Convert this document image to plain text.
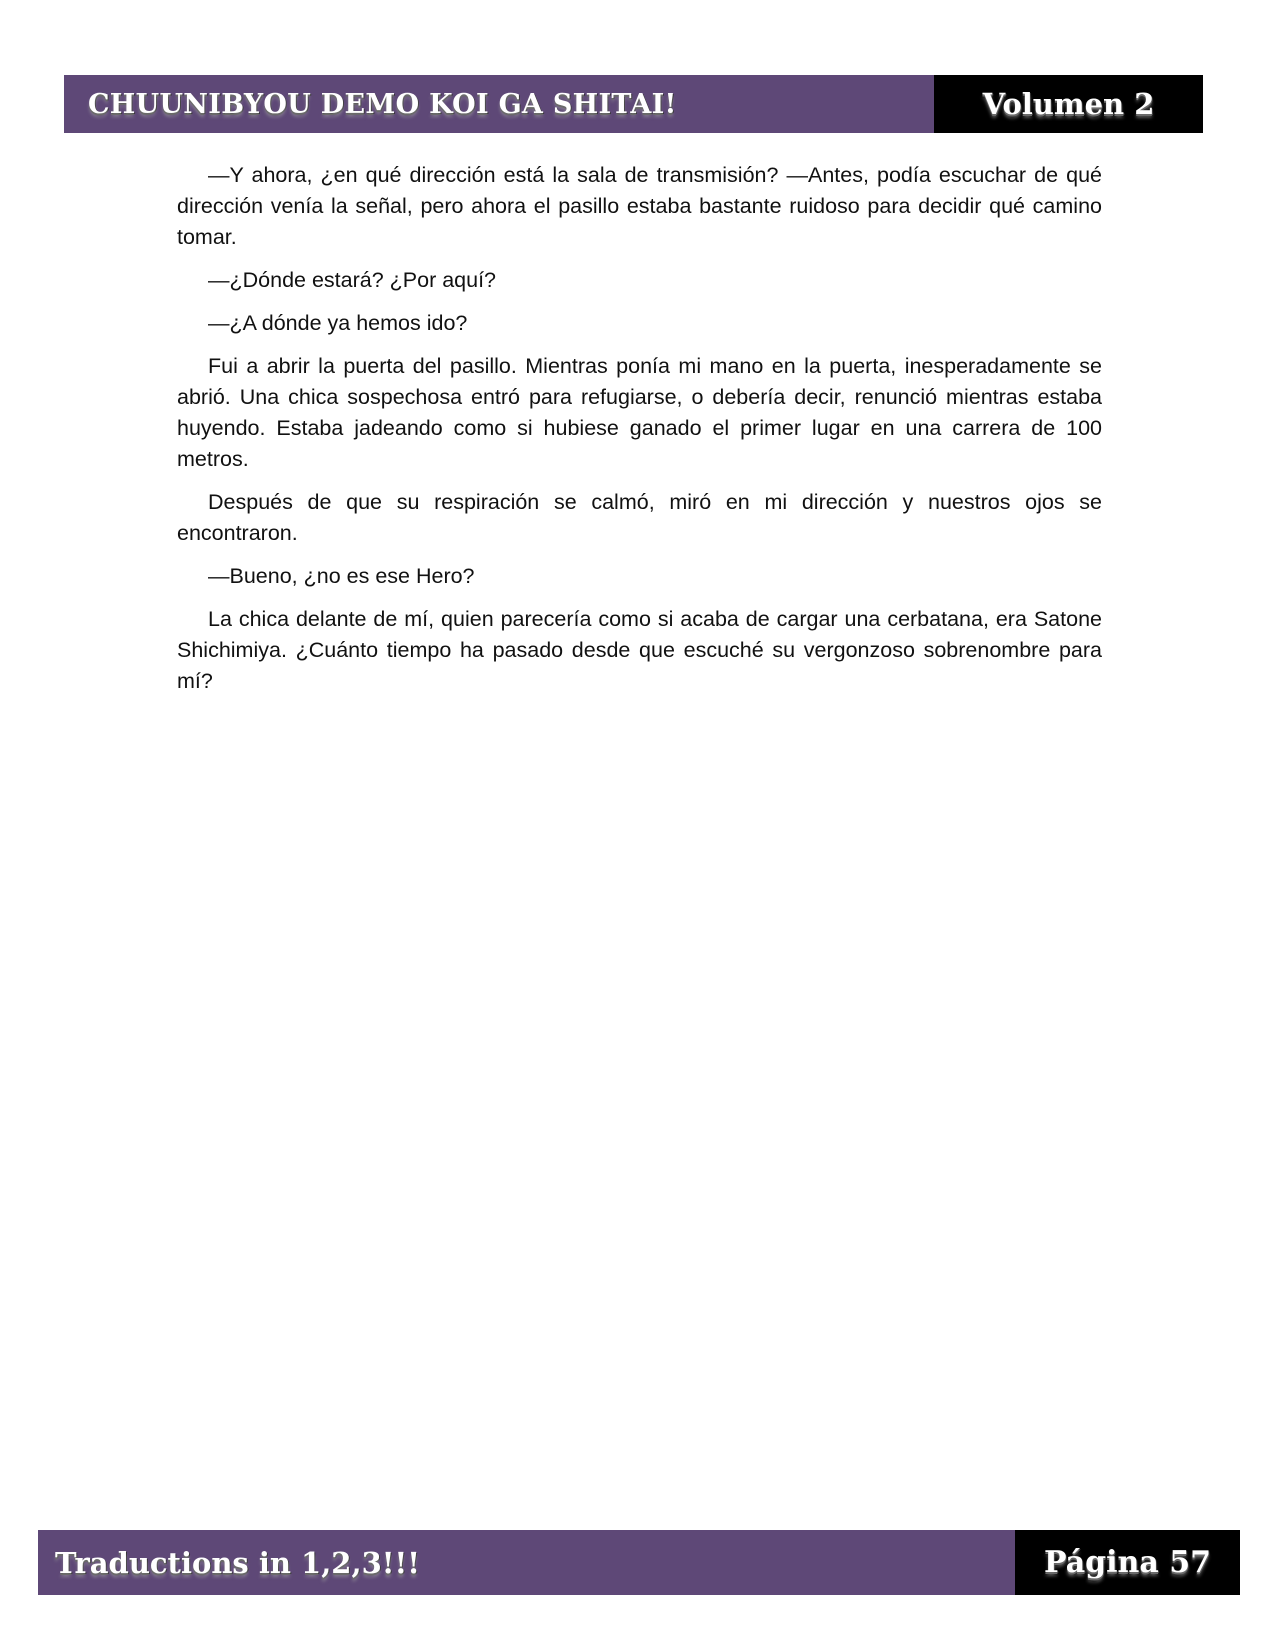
CHUUNIBYOU DEMO KOI GA SHITAI!	Volumen 2

—Y ahora, ¿en qué dirección está la sala de transmisión? —Antes, podía escuchar de qué dirección venía la señal, pero ahora el pasillo estaba bastante ruidoso para decidir qué camino tomar.

—¿Dónde estará? ¿Por aquí?

—¿A dónde ya hemos ido?

Fui a abrir la puerta del pasillo. Mientras ponía mi mano en la puerta, inesperadamente se abrió. Una chica sospechosa entró para refugiarse, o debería decir, renunció mientras estaba huyendo. Estaba jadeando como si hubiese ganado el primer lugar en una carrera de 100 metros.

Después de que su respiración se calmó, miró en mi dirección y nuestros ojos se encontraron.

—Bueno, ¿no es ese Hero?

La chica delante de mí, quien parecería como si acaba de cargar una cerbatana, era Satone Shichimiya. ¿Cuánto tiempo ha pasado desde que escuché su vergonzoso sobrenombre para mí?

Traductions in 1,2,3!!!	Página 57
